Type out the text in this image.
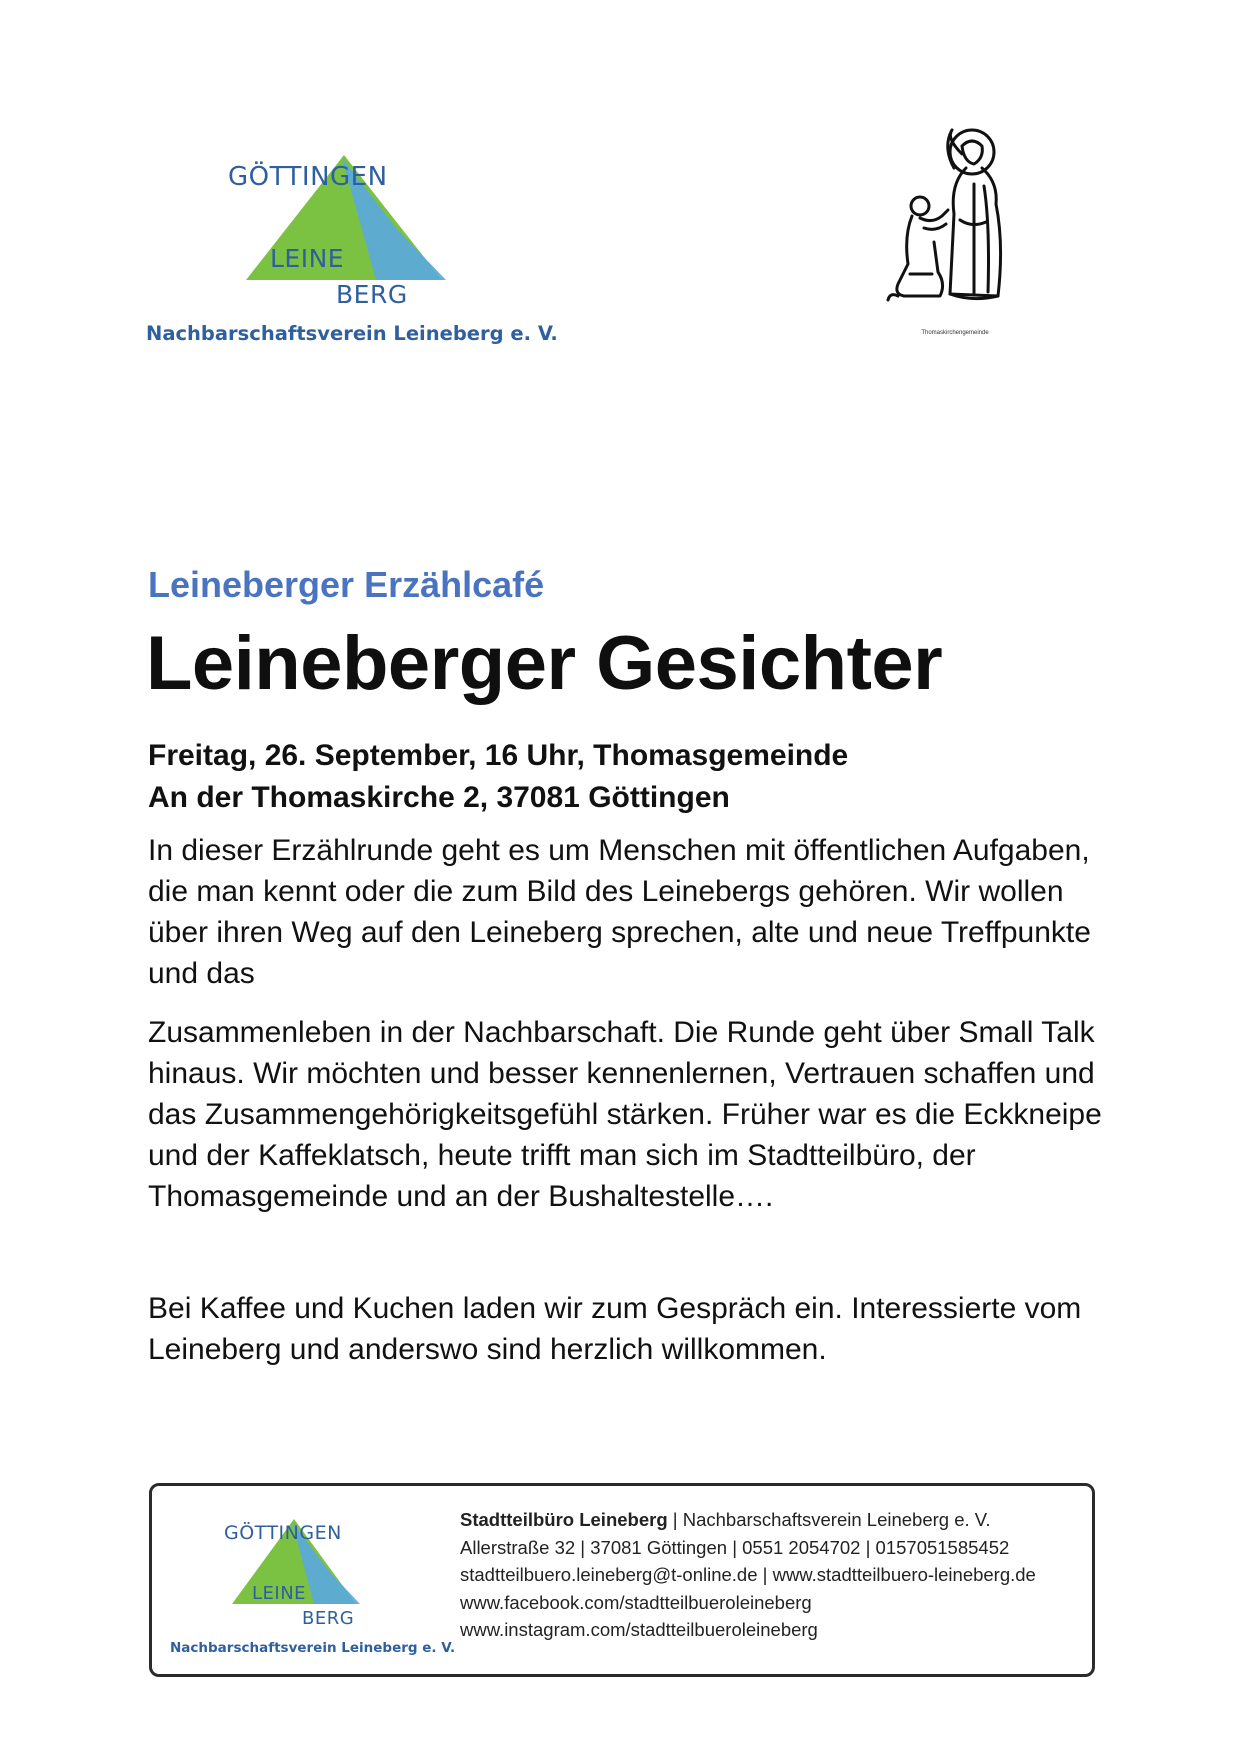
GÖTTINGEN
LEINE
BERG
Nachbarschaftsverein Leineberg e. V.	Thomaskirchengemeinde
Leineberger Erzählcafé
Leineberger Gesichter
Freitag, 26. September, 16 Uhr, Thomasgemeinde
An der Thomaskirche 2, 37081 Göttingen
In dieser Erzählrunde geht es um Menschen mit öffentlichen Aufgaben, die man kennt oder die zum Bild des Leinebergs gehören. Wir wollen über ihren Weg auf den Leineberg sprechen, alte und neue Treffpunkte und das
Zusammenleben in der Nachbarschaft. Die Runde geht über Small Talk hinaus. Wir möchten und besser kennenlernen, Vertrauen schaffen und das Zusammengehörigkeitsgefühl stärken. Früher war es die Eckkneipe und der Kaffeklatsch, heute trifft man sich im Stadtteilbüro, der Thomasgemeinde und an der Bushaltestelle….
Bei Kaffee und Kuchen laden wir zum Gespräch ein. Interessierte vom Leineberg und anderswo sind herzlich willkommen.
GÖTTINGEN
LEINE
BERG
Nachbarschaftsverein Leineberg e. V.
Stadtteilbüro Leineberg | Nachbarschaftsverein Leineberg e. V.
Allerstraße 32 | 37081 Göttingen | 0551 2054702 | 0157051585452
stadtteilbuero.leineberg@t-online.de | www.stadtteilbuero-leineberg.de
www.facebook.com/stadtteilbueroleineberg
www.instagram.com/stadtteilbueroleineberg
